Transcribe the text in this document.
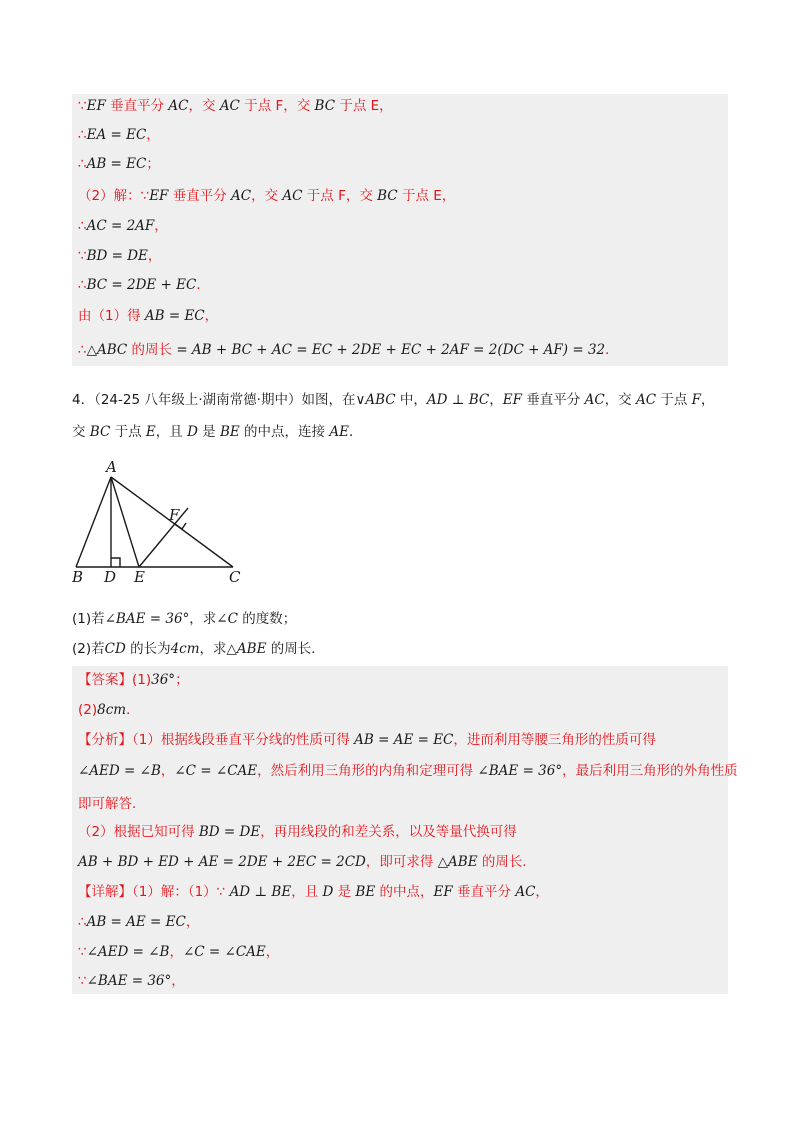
∵EF 垂直平分 AC，交 AC 于点 F，交 BC 于点 E，
∴EA = EC，
∴AB = EC；
（2）解：∵EF 垂直平分 AC，交 AC 于点 F，交 BC 于点 E，
∴AC = 2AF，
∵BD = DE，
∴BC = 2DE + EC．
由（1）得 AB = EC，
∴△ABC 的周长 = AB + BC + AC = EC + 2DE + EC + 2AF = 2(DC + AF) = 32．
4．（24-25 八年级上·湖南常德·期中）如图，在∨ABC 中，AD ⊥ BC，EF 垂直平分 AC，交 AC 于点 F，
交 BC 于点 E，且 D 是 BE 的中点，连接 AE．
A
B D E	C
F
(1)若∠BAE = 36°，求∠C 的度数；
(2)若CD 的长为4cm，求△ABE 的周长．
【答案】(1)36°；
(2)8cm．
【分析】（1）根据线段垂直平分线的性质可得 AB = AE = EC，进而利用等腰三角形的性质可得
∠AED = ∠B，∠C = ∠CAE，然后利用三角形的内角和定理可得 ∠BAE = 36°，最后利用三角形的外角性质
即可解答．
（2）根据已知可得 BD = DE，再用线段的和差关系，以及等量代换可得
AB + BD + ED + AE = 2DE + 2EC = 2CD，即可求得 △ABE 的周长．
【详解】（1）解：（1）∵ AD ⊥ BE，且 D 是 BE 的中点，EF 垂直平分 AC，
∴AB = AE = EC，
∵∠AED = ∠B，∠C = ∠CAE，
∵∠BAE = 36°，
